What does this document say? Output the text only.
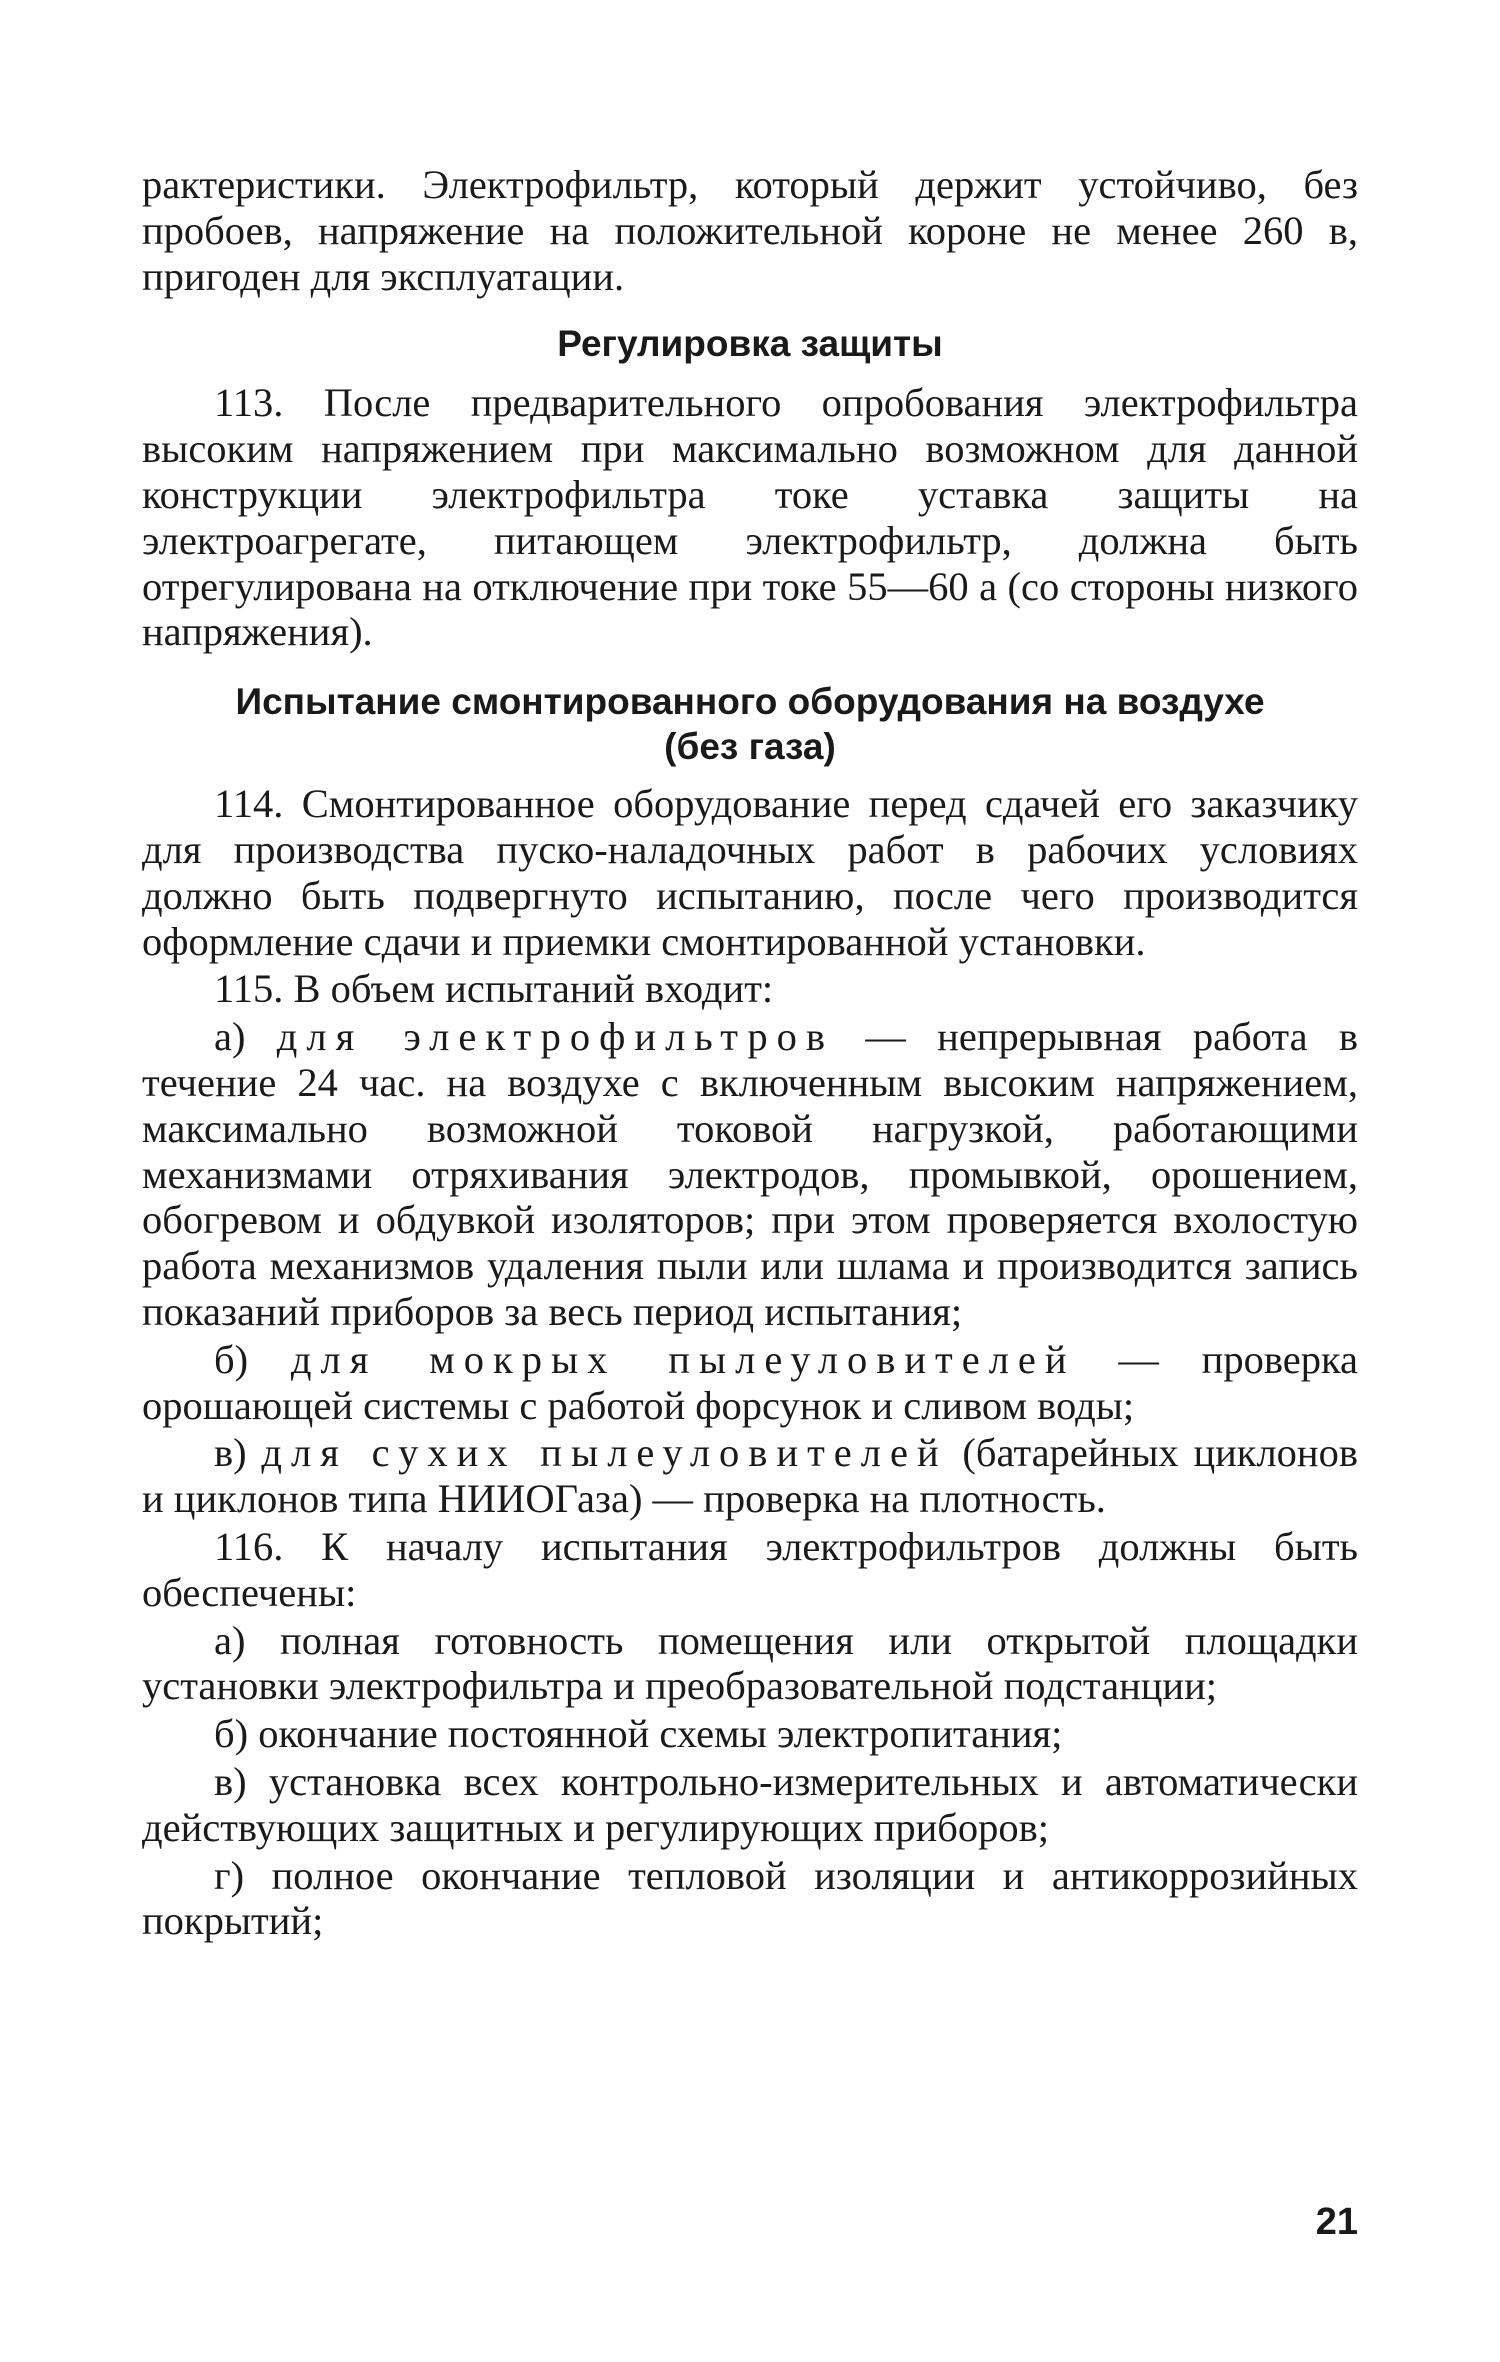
рактеристики. Электрофильтр, который держит устойчиво, без пробоев, напряжение на положительной короне не менее 260 в, пригоден для эксплуатации.

Регулировка защиты

113. После предварительного опробования электрофильтра высоким напряжением при максимально возможном для данной конструкции электрофильтра токе уставка защиты на электроагрегате, питающем электрофильтр, должна быть отрегулирована на отключение при токе 55—60 а (со стороны низкого напряжения).

Испытание смонтированного оборудования на воздухе
(без газа)

114. Смонтированное оборудование перед сдачей его заказчику для производства пуско-наладочных работ в рабочих условиях должно быть подвергнуто испытанию, после чего производится оформление сдачи и приемки смонтированной установки.

115. В объем испытаний входит:

а) для электрофильтров — непрерывная работа в течение 24 час. на воздухе с включенным высоким напряжением, максимально возможной токовой нагрузкой, работающими механизмами отряхивания электродов, промывкой, орошением, обогревом и обдувкой изоляторов; при этом проверяется вхолостую работа механизмов удаления пыли или шлама и производится запись показаний приборов за весь период испытания;

б) для мокрых пылеуловителей — проверка орошающей системы с работой форсунок и сливом воды;

в) для сухих пылеуловителей (батарейных циклонов и циклонов типа НИИОГаза) — проверка на плотность.

116. К началу испытания электрофильтров должны быть обеспечены:

а) полная готовность помещения или открытой площадки установки электрофильтра и преобразовательной подстанции;

б) окончание постоянной схемы электропитания;

в) установка всех контрольно-измерительных и автоматически действующих защитных и регулирующих приборов;

г) полное окончание тепловой изоляции и антикоррозийных покрытий;

21
